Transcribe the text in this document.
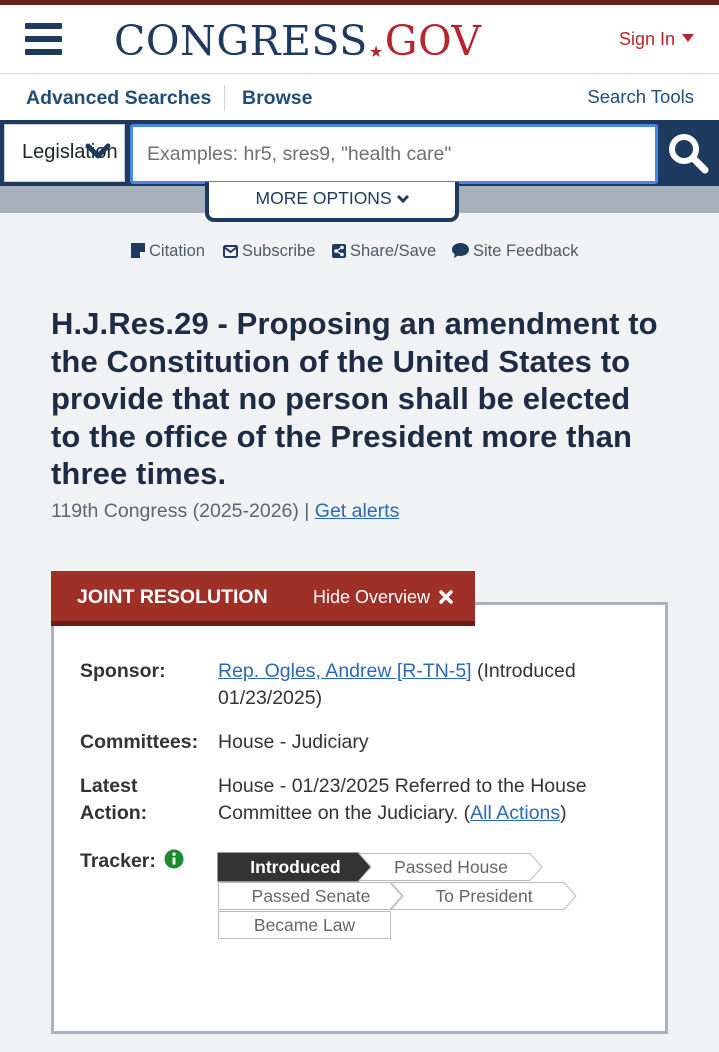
CONGRESS★GOV	Sign In
Advanced Searches Browse	Search Tools
Legislation
Examples: hr5, sres9, "health care"
MORE OPTIONS
Citation	Subscribe	Share/Save	Site Feedback
H.J.Res.29 - Proposing an amendment to the Constitution of the United States to provide that no person shall be elected to the office of the President more than three times.
119th Congress (2025-2026) | Get alerts
JOINT RESOLUTION	Hide Overview
Sponsor:	Rep. Ogles, Andrew [R-TN-5] (Introduced 01/23/2025)
Committees: House - Judiciary
Latest
Action:
House - 01/23/2025 Referred to the House Committee on the Judiciary. (All Actions)
Tracker:	Introduced	Passed House
Passed Senate	To President
Became Law
